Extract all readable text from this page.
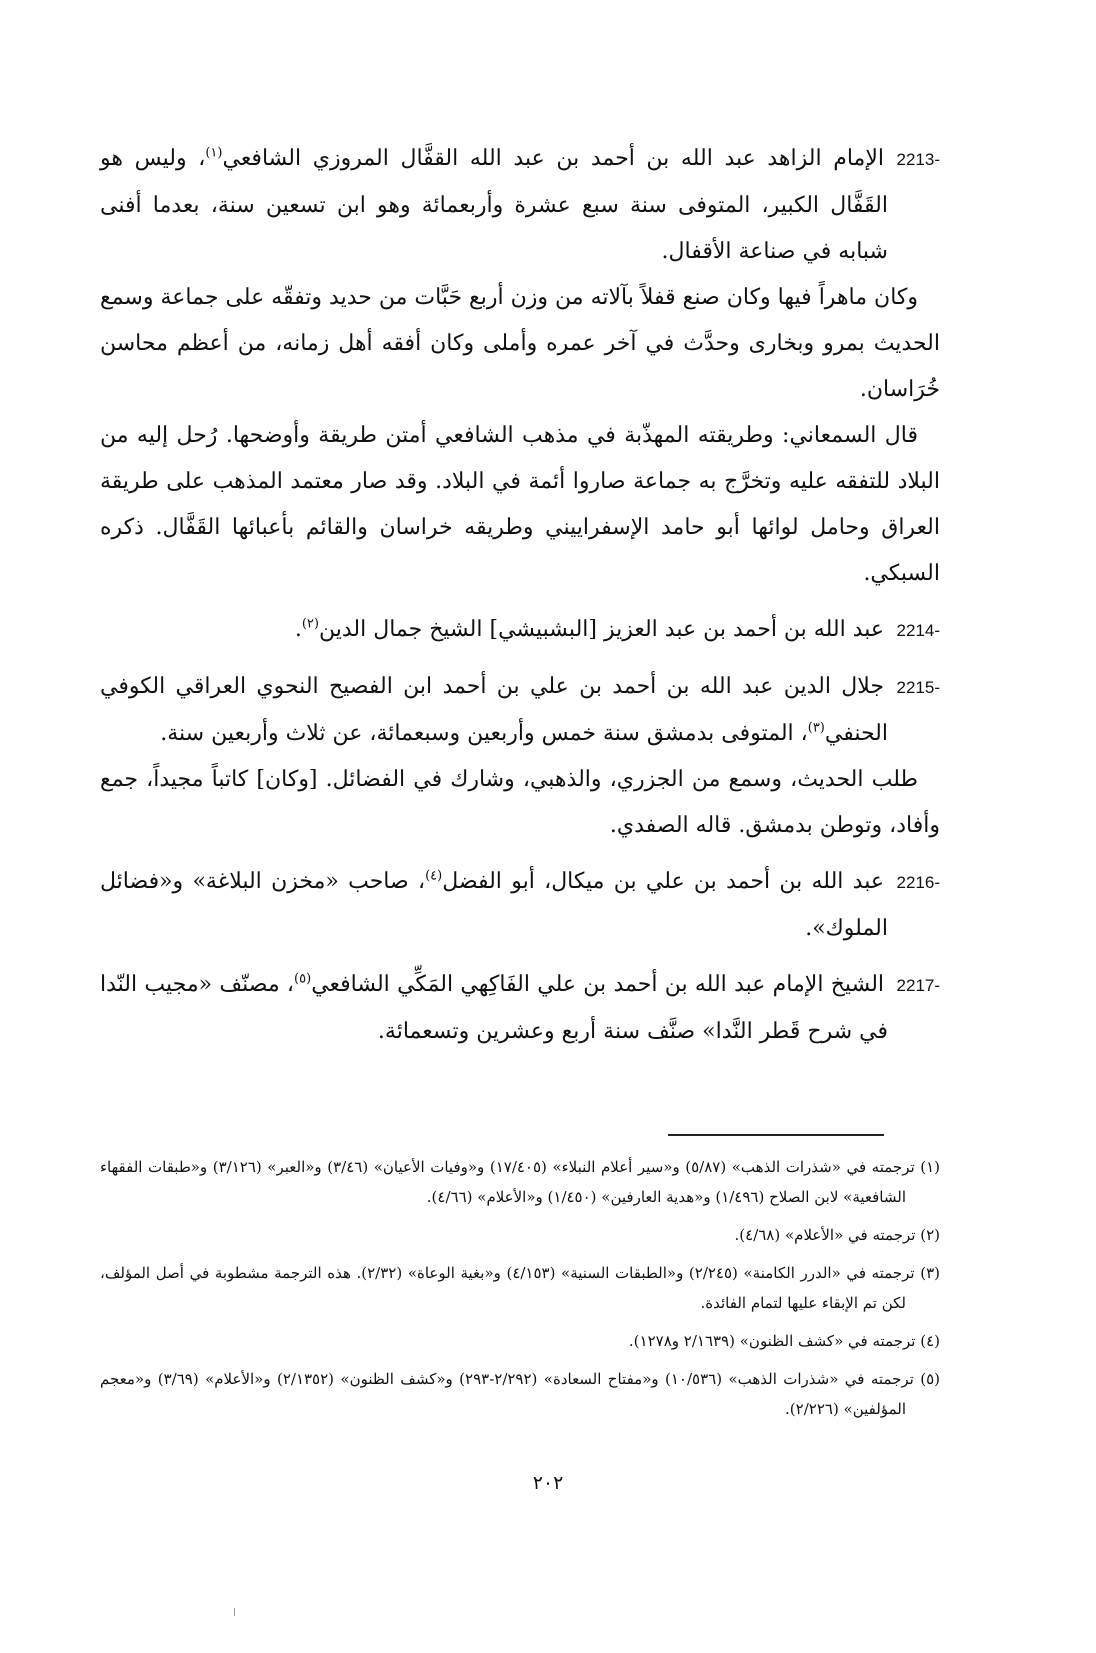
2213-الإمام الزاهد عبد الله بن أحمد بن عبد الله القفَّال المروزي الشافعي$^{(١)}$، وليس هو القَفَّال الكبير، المتوفى سنة سبع عشرة وأربعمائة وهو ابن تسعين سنة، بعدما أفنى شبابه في صناعة الأقفال.

وكان ماهراً فيها وكان صنع قفلاً بآلاته من وزن أربع حَبَّات من حديد وتفقّه على جماعة وسمع الحديث بمرو وبخارى وحدَّث في آخر عمره وأملى وكان أفقه أهل زمانه، من أعظم محاسن خُرَاسان.

قال السمعاني: وطريقته المهذّبة في مذهب الشافعي أمتن طريقة وأوضحها. رُحل إليه من البلاد للتفقه عليه وتخرَّج به جماعة صاروا أئمة في البلاد. وقد صار معتمد المذهب على طريقة العراق وحامل لوائها أبو حامد الإسفراييني وطريقه خراسان والقائم بأعبائها القَفَّال. ذكره السبكي.

2214-عبد الله بن أحمد بن عبد العزيز [البشبيشي] الشيخ جمال الدين$^{(٢)}$.

2215-جلال الدين عبد الله بن أحمد بن علي بن أحمد ابن الفصيح النحوي العراقي الكوفي الحنفي$^{(٣)}$، المتوفى بدمشق سنة خمس وأربعين وسبعمائة، عن ثلاث وأربعين سنة.

طلب الحديث، وسمع من الجزري، والذهبي، وشارك في الفضائل. [وكان] كاتباً مجيداً، جمع وأفاد، وتوطن بدمشق. قاله الصفدي.

2216-عبد الله بن أحمد بن علي بن ميكال، أبو الفضل$^{(٤)}$، صاحب «مخزن البلاغة» و«فضائل الملوك».

2217-الشيخ الإمام عبد الله بن أحمد بن علي الفَاكِهي المَكِّي الشافعي$^{(٥)}$، مصنّف «مجيب النّدا في شرح قَطر النَّدا» صنَّف سنة أربع وعشرين وتسعمائة.

(١) ترجمته في «شذرات الذهب» (٥/٨٧) و«سير أعلام النبلاء» (١٧/٤٠٥) و«وفيات الأعيان» (٣/٤٦) و«العبر» (٣/١٢٦) و«طبقات الفقهاء الشافعية» لابن الصلاح (١/٤٩٦) و«هدية العارفين» (١/٤٥٠) و«الأعلام» (٤/٦٦).

(٢) ترجمته في «الأعلام» (٤/٦٨).

(٣) ترجمته في «الدرر الكامنة» (٢/٢٤٥) و«الطبقات السنية» (٤/١٥٣) و«بغية الوعاة» (٢/٣٢). هذه الترجمة مشطوبة في أصل المؤلف، لكن تم الإبقاء عليها لتمام الفائدة.

(٤) ترجمته في «كشف الظنون» (٢/١٦٣٩ و١٢٧٨).

(٥) ترجمته في «شذرات الذهب» (١٠/٥٣٦) و«مفتاح السعادة» (٢/٢٩٢-٢٩٣) و«كشف الظنون» (٢/١٣٥٢) و«الأعلام» (٣/٦٩) و«معجم المؤلفين» (٢/٢٢٦).

٢٠٢
